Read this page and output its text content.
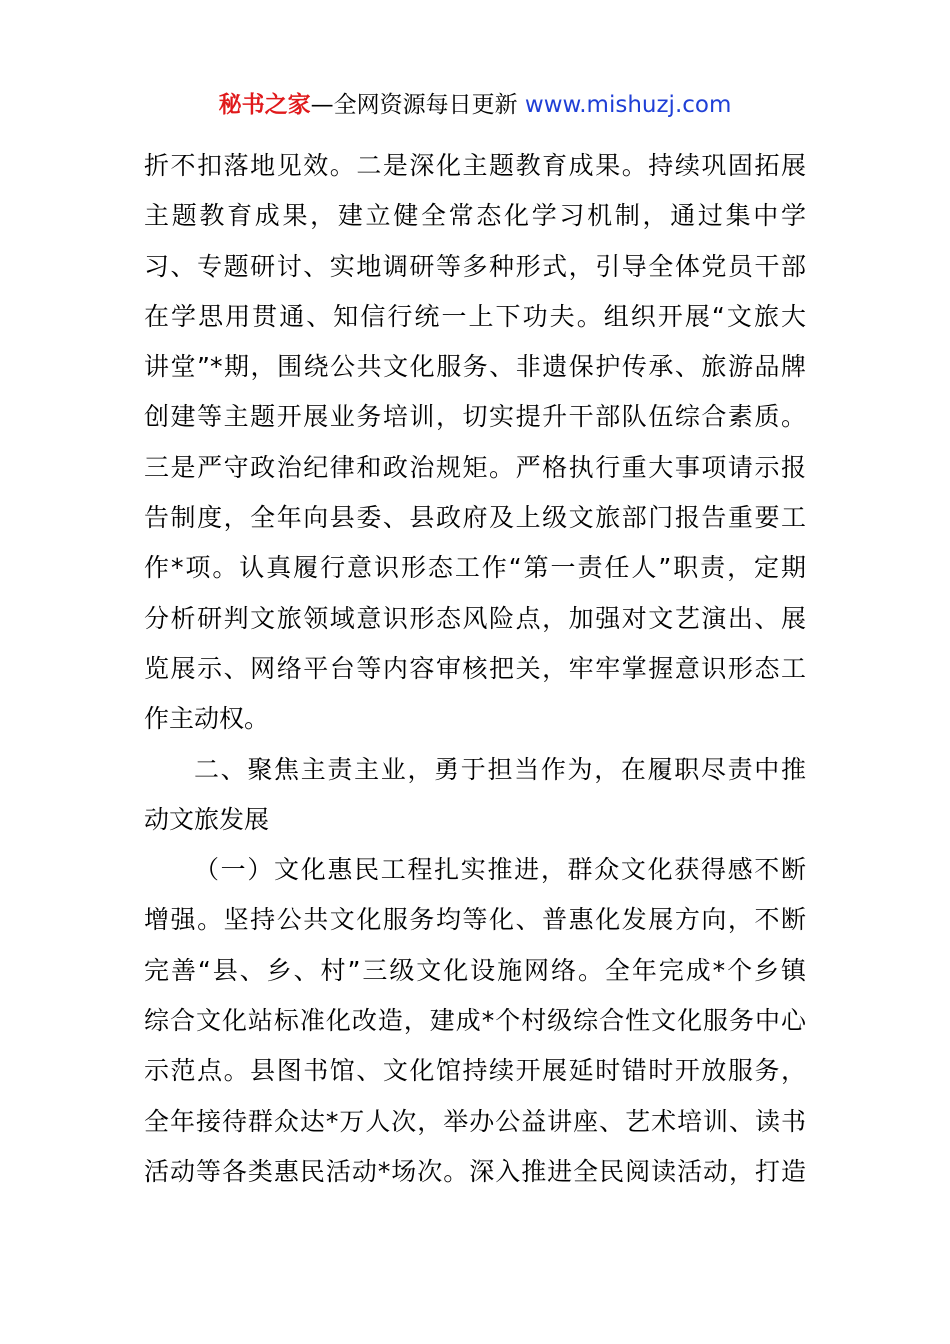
秘书之家—全网资源每日更新 www.mishuzj.com
折不扣落地见效。二是深化主题教育成果。持续巩固拓展
主题教育成果，建立健全常态化学习机制，通过集中学
习、专题研讨、实地调研等多种形式，引导全体党员干部
在学思用贯通、知信行统一上下功夫。组织开展“文旅大
讲堂”*期，围绕公共文化服务、非遗保护传承、旅游品牌
创建等主题开展业务培训，切实提升干部队伍综合素质。
三是严守政治纪律和政治规矩。严格执行重大事项请示报
告制度，全年向县委、县政府及上级文旅部门报告重要工
作*项。认真履行意识形态工作“第一责任人”职责，定期
分析研判文旅领域意识形态风险点，加强对文艺演出、展
览展示、网络平台等内容审核把关，牢牢掌握意识形态工
作主动权。
二、聚焦主责主业，勇于担当作为，在履职尽责中推
动文旅发展
（一）文化惠民工程扎实推进，群众文化获得感不断
增强。坚持公共文化服务均等化、普惠化发展方向，不断
完善“县、乡、村”三级文化设施网络。全年完成*个乡镇
综合文化站标准化改造，建成*个村级综合性文化服务中心
示范点。县图书馆、文化馆持续开展延时错时开放服务，
全年接待群众达*万人次，举办公益讲座、艺术培训、读书
活动等各类惠民活动*场次。深入推进全民阅读活动，打造
